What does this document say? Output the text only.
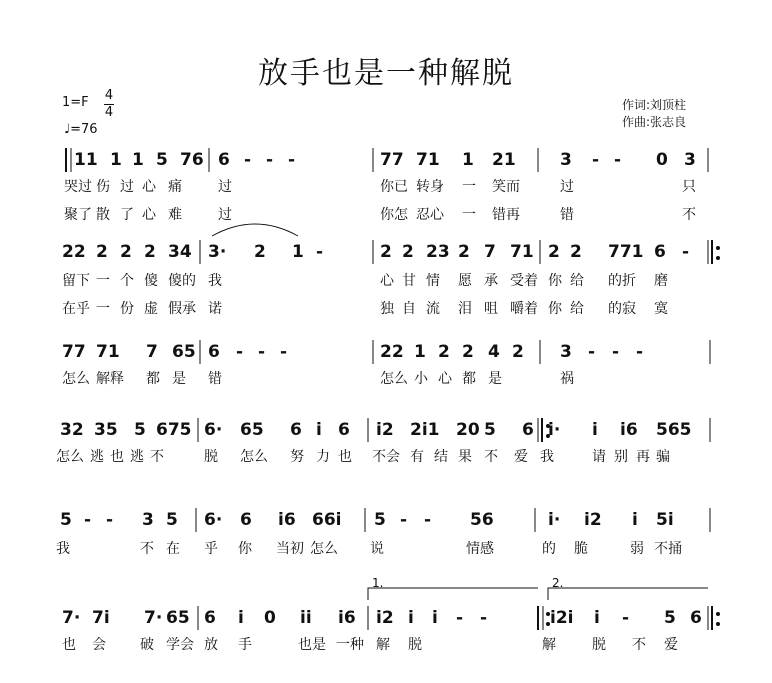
放手也是一种解脱
1=F 4
4
♩=76
作词:刘顶柱
作曲:张志良
1.	2.
11 1 1 5 76 6 - - -	77 71 1 21	3 - - 0 3
哭过 伤 过 心 痛	过	你已 转身 一 笑而	过	只
聚了 散 了 心 难	过	你怎 忍心 一 错再	错	不
22 2 2 2 34 3· 2 1 -	2 2 23 2 7 71 2 2 771 6 -
留下 一 个 傻 傻的 我	心 甘 情 愿 承 受着 你 给 的折 磨
在乎 一 份 虚 假承 诺	独 自 流 泪 咀 嚼着 你 给 的寂 寞
77 71 7 65 6 - - -	22 1 2 2 4 2 3 - - -
怎么 解释 都 是 错	怎么 小 心 都 是	祸
32 35 5 675 6· 65 6 i 6 i2 2i1 20 5 6 i· i i6 565
怎么 逃 也 逃 不	脱 怎么 努 力 也 不会 有 结 果 不 爱 我	请 别 再 骗
5 - - 3 5 6· 6 i6 66i 5 - - 56	i· i2 i 5i
我	不 在 乎 你 当初 怎么 说	情感	的 脆	弱 不捅
7· 7i 7· 65 6 i 0 ii i6 i2 i i - -	i2i i - 5 6
也 会 破 学会 放 手	也是 一种 解 脱	解	脱 不 爱
